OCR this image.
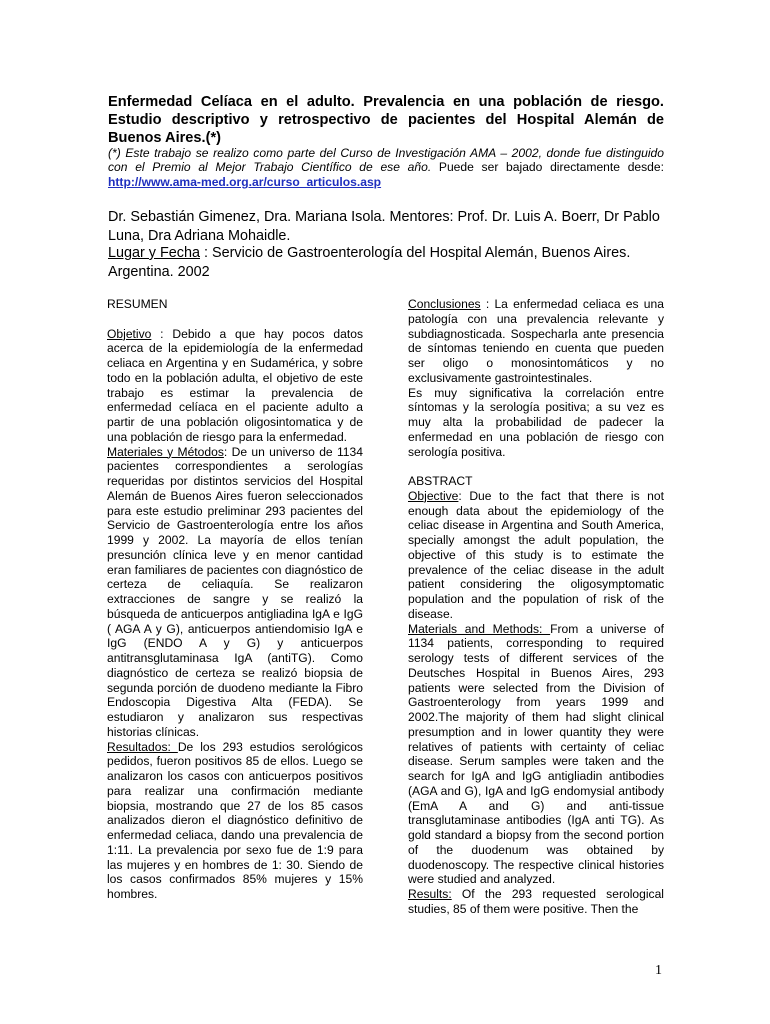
Enfermedad Celíaca en el adulto. Prevalencia en una población de riesgo. Estudio descriptivo y retrospectivo de pacientes del Hospital Alemán de Buenos Aires.(*)

(*) Este trabajo se realizo como parte del Curso de Investigación AMA – 2002, donde fue distinguido con el Premio al Mejor Trabajo Científico de ese año. Puede ser bajado directamente desde: http://www.ama-med.org.ar/curso_articulos.asp

Dr. Sebastián Gimenez, Dra. Mariana Isola. Mentores: Prof. Dr. Luis A. Boerr, Dr Pablo Luna, Dra Adriana Mohaidle.

Lugar y Fecha : Servicio de Gastroenterología del Hospital Alemán, Buenos Aires. Argentina. 2002

RESUMEN

Objetivo : Debido a que hay pocos datos acerca de la epidemiología de la enfermedad celiaca en Argentina y en Sudamérica, y sobre todo en la población adulta, el objetivo de este trabajo es estimar la prevalencia de enfermedad celíaca en el paciente adulto a partir de una población oligosintomatica y de una población de riesgo para la enfermedad.

Materiales y Métodos: De un universo de 1134 pacientes correspondientes a serologías requeridas por distintos servicios del Hospital Alemán de Buenos Aires fueron seleccionados para este estudio preliminar 293 pacientes del Servicio de Gastroenterología entre los años 1999 y 2002. La mayoría de ellos tenían presunción clínica leve y en menor cantidad eran familiares de pacientes con diagnóstico de certeza de celiaquía. Se realizaron extracciones de sangre y se realizó la búsqueda de anticuerpos antigliadina IgA e IgG ( AGA A y G), anticuerpos antiendomisio IgA e IgG (ENDO A y G) y anticuerpos antitransglutaminasa IgA (antiTG). Como diagnóstico de certeza se realizó biopsia de segunda porción de duodeno mediante la Fibro Endoscopia Digestiva Alta (FEDA). Se estudiaron y analizaron sus respectivas historias clínicas.

Resultados: De los 293 estudios serológicos pedidos, fueron positivos 85 de ellos. Luego se analizaron los casos con anticuerpos positivos para realizar una confirmación mediante biopsia, mostrando que 27 de los 85 casos analizados dieron el diagnóstico definitivo de enfermedad celiaca, dando una prevalencia de 1:11. La prevalencia por sexo fue de 1:9 para las mujeres y en hombres de 1: 30. Siendo de los casos confirmados 85% mujeres y 15% hombres.

Conclusiones : La enfermedad celiaca es una patología con una prevalencia relevante y subdiagnosticada. Sospecharla ante presencia de síntomas teniendo en cuenta que pueden ser oligo o monosintomáticos y no exclusivamente gastrointestinales.

Es muy significativa la correlación entre síntomas y la serología positiva; a su vez es muy alta la probabilidad de padecer la enfermedad en una población de riesgo con serología positiva.

ABSTRACT

Objective: Due to the fact that there is not enough data about the epidemiology of the celiac disease in Argentina and South America, specially amongst the adult population, the objective of this study is to estimate the prevalence of the celiac disease in the adult patient considering the oligosymptomatic population and the population of risk of the disease.

Materials and Methods: From a universe of 1134 patients, corresponding to required serology tests of different services of the Deutsches Hospital in Buenos Aires, 293 patients were selected from the Division of Gastroenterology from years 1999 and 2002.The majority of them had slight clinical presumption and in lower quantity they were relatives of patients with certainty of celiac disease. Serum samples were taken and the search for IgA and IgG antigliadin antibodies (AGA and G), IgA and IgG endomysial antibody (EmA A and G) and anti-tissue transglutaminase antibodies (IgA anti TG). As gold standard a biopsy from the second portion of the duodenum was obtained by duodenoscopy. The respective clinical histories were studied and analyzed.

Results: Of the 293 requested serological studies, 85 of them were positive. Then the

1
